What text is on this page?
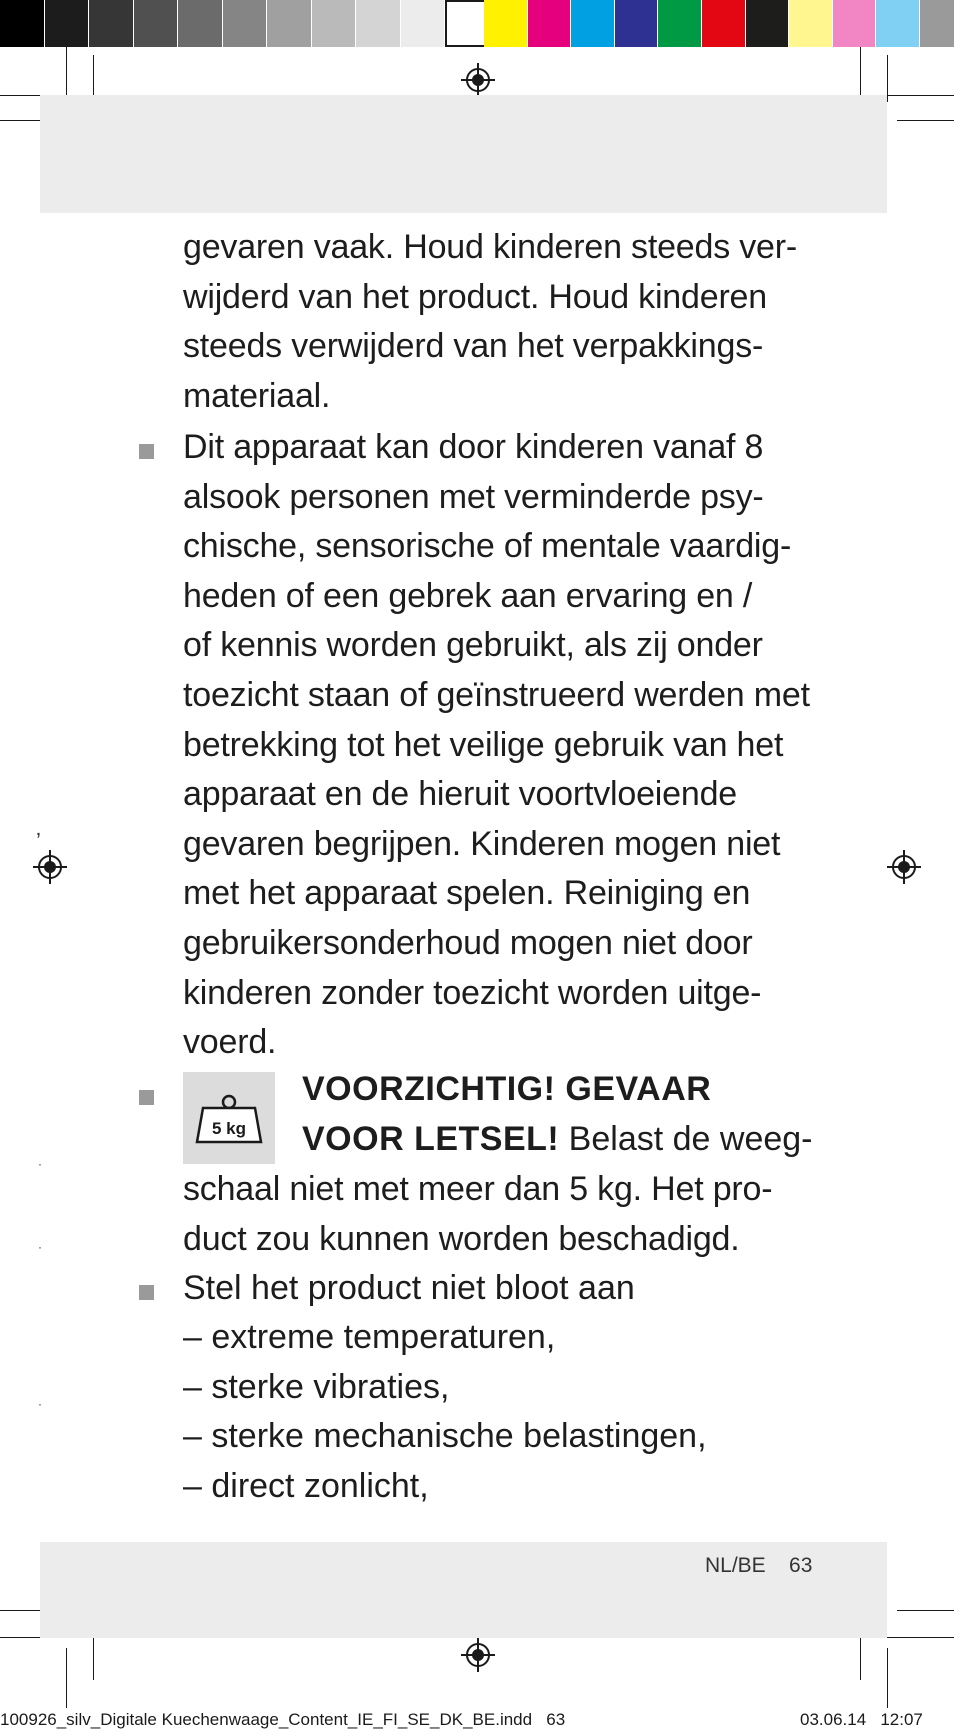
‚
·
·
·
gevaren vaak. Houd kinderen steeds ver-
wijderd van het product. Houd kinderen
steeds verwijderd van het verpakkings-
materiaal.
Dit apparaat kan door kinderen vanaf 8
alsook personen met verminderde psy-
chische, sensorische of mentale vaardig-
heden of een gebrek aan ervaring en /
of kennis worden gebruikt, als zij onder
toezicht staan of geïnstrueerd werden met
betrekking tot het veilige gebruik van het
apparaat en de hieruit voortvloeiende
gevaren begrijpen. Kinderen mogen niet
met het apparaat spelen. Reiniging en
gebruikersonderhoud mogen niet door
kinderen zonder toezicht worden uitge-
voerd.
5 kg
VOORZICHTIG! GEVAAR
VOOR LETSEL! Belast de weeg-
schaal niet met meer dan 5 kg. Het pro-
duct zou kunnen worden beschadigd.
Stel het product niet bloot aan
– extreme temperaturen,
– sterke vibraties,
– sterke mechanische belastingen,
– direct zonlicht,
NL/BE    63
100926_silv_Digitale Kuechenwaage_Content_IE_FI_SE_DK_BE.indd   63	03.06.14   12:07
